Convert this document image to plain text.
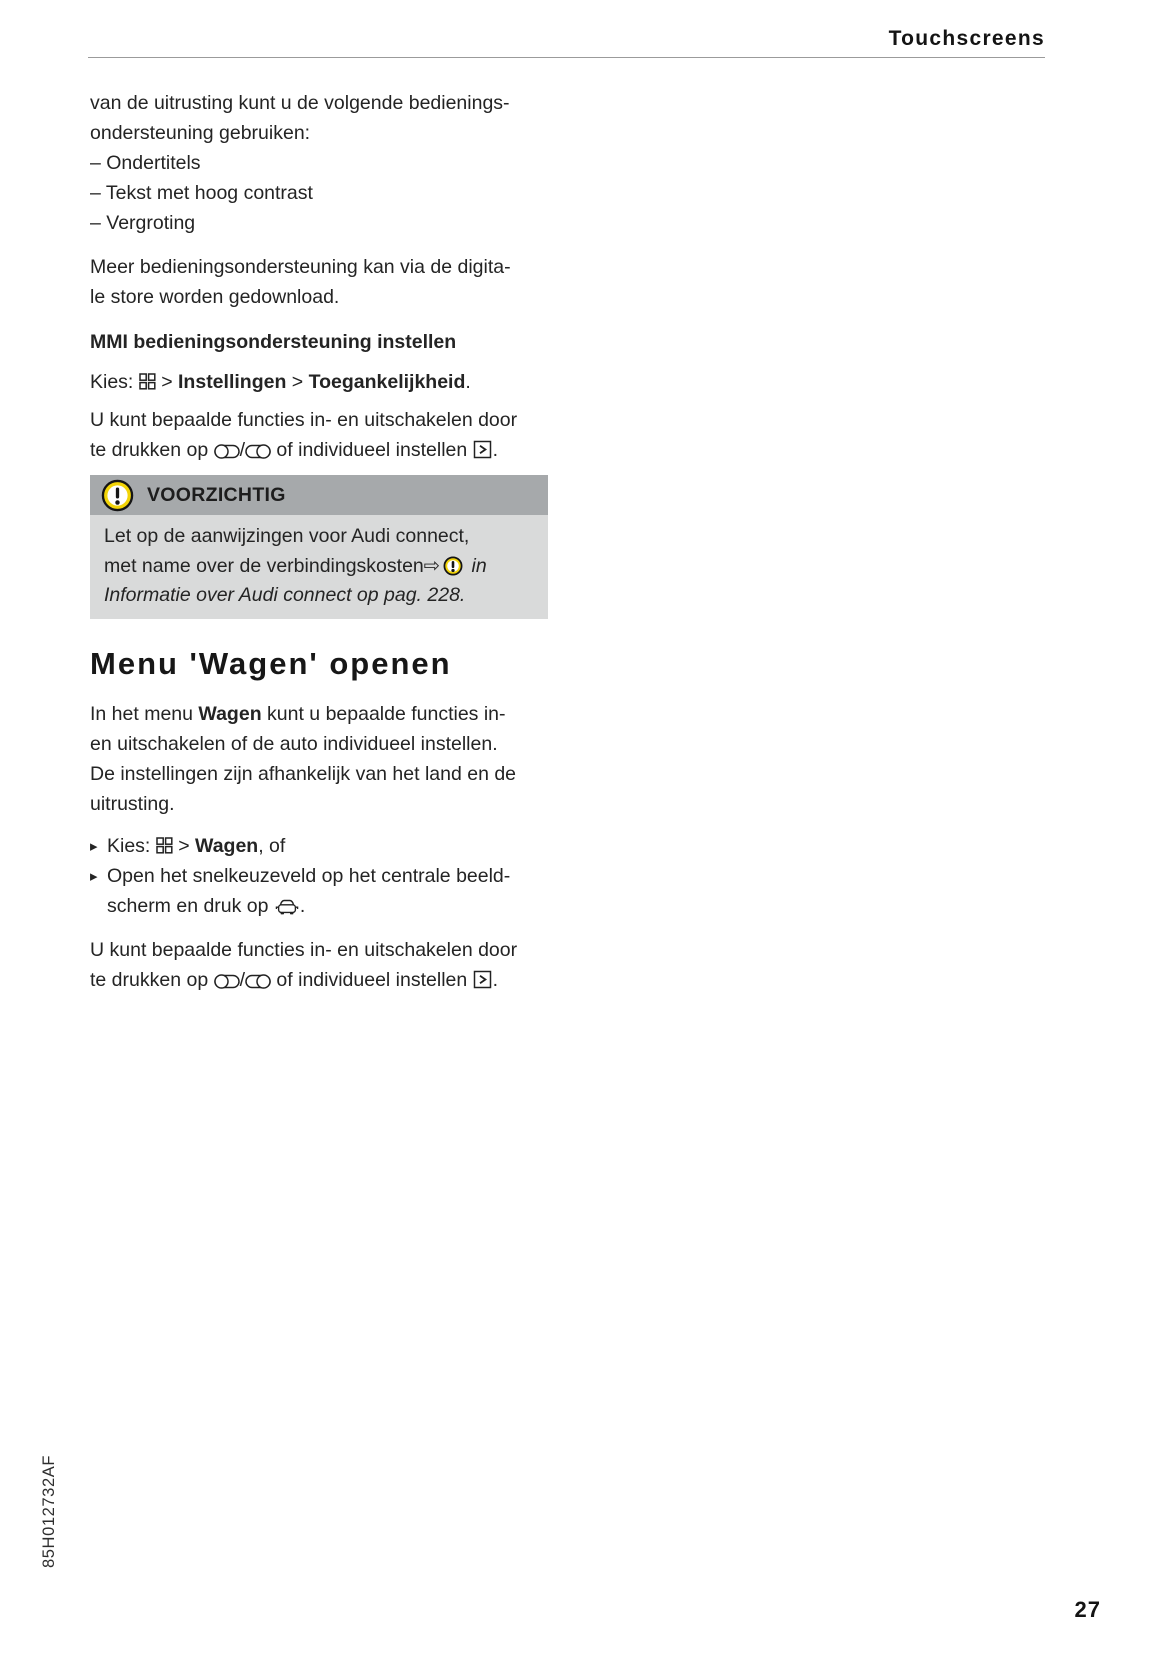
Touchscreens
van de uitrusting kunt u de volgende bedienings-
ondersteuning gebruiken:
– Ondertitels
– Tekst met hoog contrast
– Vergroting
Meer bedieningsondersteuning kan via de digita-
le store worden gedownload.
MMI bedieningsondersteuning instellen
Kies:  > Instellingen > Toegankelijkheid.
U kunt bepaalde functies in- en uitschakelen door
te drukken op / of individueel instellen .
VOORZICHTIG
Let op de aanwijzingen voor Audi connect,
met name over de verbindingskosten⇨ in
Informatie over Audi connect op pag. 228.
Menu 'Wagen' openen
In het menu Wagen kunt u bepaalde functies in-
en uitschakelen of de auto individueel instellen.
De instellingen zijn afhankelijk van het land en de
uitrusting.
▸ Kies:  > Wagen, of
▸ Open het snelkeuzeveld op het centrale beeld-
scherm en druk op .
U kunt bepaalde functies in- en uitschakelen door
te drukken op / of individueel instellen .
85H012732AF
27
